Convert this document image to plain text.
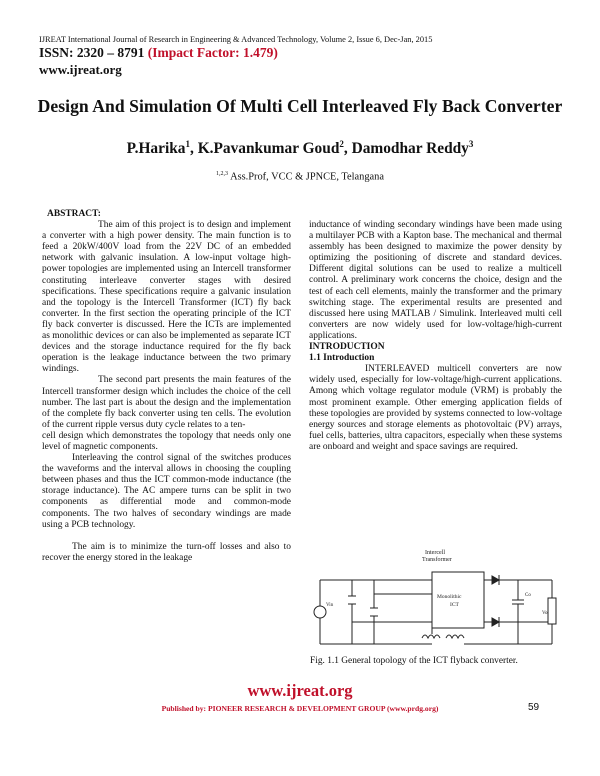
IJREAT International Journal of Research in Engineering & Advanced Technology, Volume 2, Issue 6, Dec-Jan, 2015
ISSN: 2320 – 8791 (Impact Factor: 1.479)
www.ijreat.org
Design And Simulation Of Multi Cell Interleaved Fly Back Converter
P.Harika$^1$, K.Pavankumar Goud$^2$, Damodhar Reddy$^3$
$^{1,2,3}$ Ass.Prof, VCC & JPNCE, Telangana

ABSTRACT:

The aim of this project is to design and implement a converter with a high power density. The main function is to feed a 20kW/400V load from the 22V DC of an embedded network with galvanic insulation. A low-input voltage high-power topologies are implemented using an Intercell transformer constituting interleave converter stages with desired specifications. These specifications require a galvanic insulation and the topology is the Intercell Transformer (ICT) fly back converter. In the first section the operating principle of the ICT fly back converter is discussed. Here the ICTs are implemented as monolithic devices or can also be implemented as separate ICT devices and the storage inductance required for the fly back operation is the leakage inductance between the two primary windings.

The second part presents the main features of the Intercell transformer design which includes the choice of the cell number. The last part is about the design and the implementation of the complete fly back converter using ten cells. The evolution of the current ripple versus duty cycle relates to a ten-

cell design which demonstrates the topology that needs only one level of magnetic components.

Interleaving the control signal of the switches produces the waveforms and the interval allows in choosing the coupling between phases and thus the ICT common-mode inductance (the storage inductance). The AC ampere turns can be split in two components as differential mode and common-mode components. The two halves of secondary windings are made using a PCB technology.

The aim is to minimize the turn-off losses and also to recover the energy stored in the leakage

inductance of winding secondary windings have been made using a multilayer PCB with a Kapton base. The mechanical and thermal assembly has been designed to maximize the power density by optimizing the positioning of discrete and standard devices. Different digital solutions can be used to realize a multicell control. A preliminary work concerns the choice, design and the test of each cell elements, mainly the transformer and the primary switching stage. The experimental results are presented and discussed here using MATLAB / Simulink. Interleaved multi cell converters are now widely used for low-voltage/high-current applications.

INTRODUCTION

1.1 Introduction

INTERLEAVED multicell converters are now widely used, especially for low-voltage/high-current applications. Among which voltage regulator module (VRM) is probably the most prominent example. Other emerging application fields of these topologies are provided by systems connected to low-voltage energy sources and storage elements as photovoltaic (PV) arrays, fuel cells, batteries, ultra capacitors, especially when these systems are onboard and weight and space savings are required.

Intercell
Transformer
Monolithic
ICT
Vin
Co
Vo
Fig. 1.1 General topology of the ICT flyback converter.
www.ijreat.org
Published by: PIONEER RESEARCH & DEVELOPMENT GROUP (www.prdg.org)	59
